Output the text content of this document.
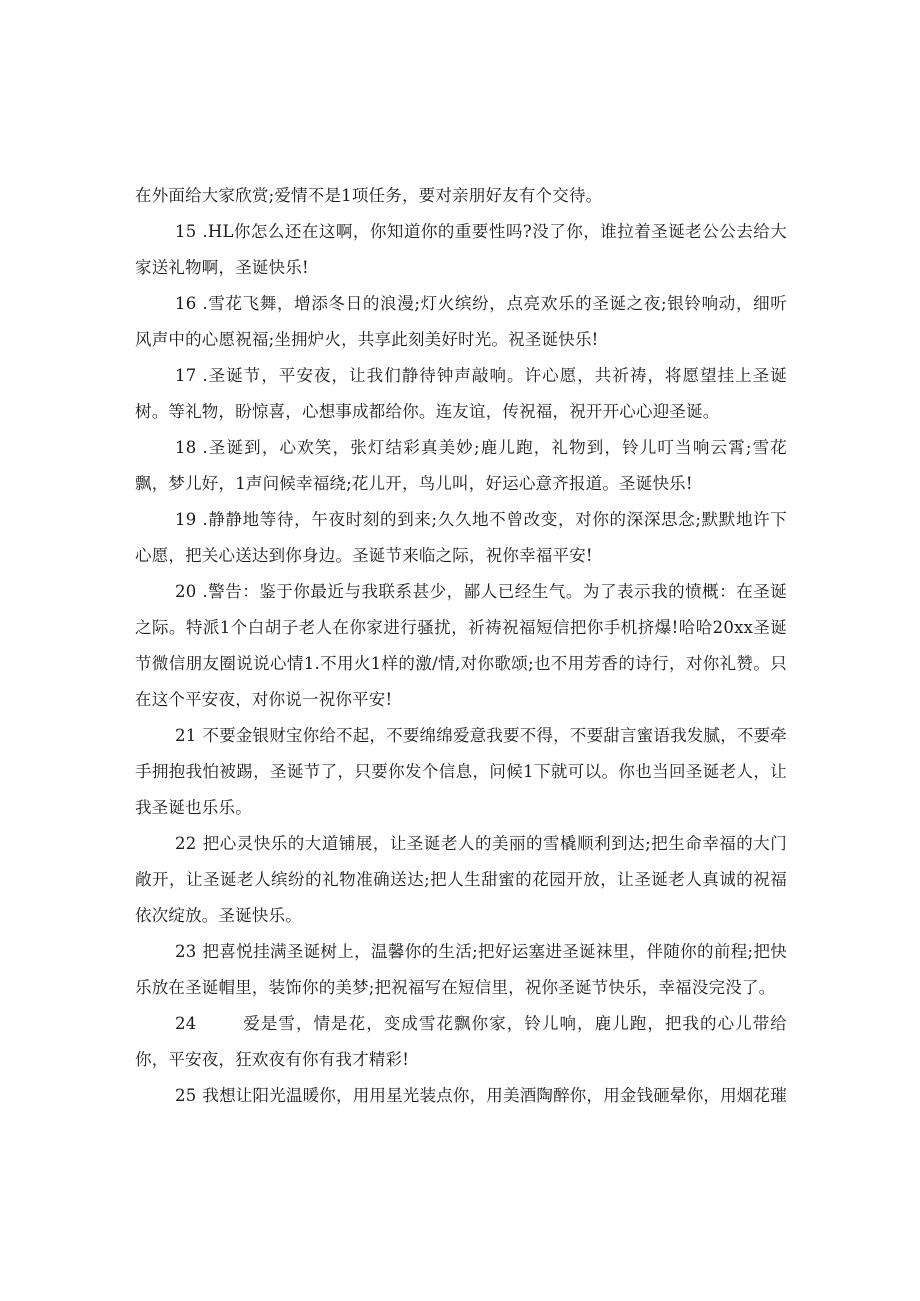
在外面给大家欣赏;爱情不是1项任务，要对亲朋好友有个交待。

15 .HL你怎么还在这啊，你知道你的重要性吗?没了你，谁拉着圣诞老公公去给大家送礼物啊，圣诞快乐!

16 .雪花飞舞，增添冬日的浪漫;灯火缤纷，点亮欢乐的圣诞之夜;银铃响动，细听风声中的心愿祝福;坐拥炉火，共享此刻美好时光。祝圣诞快乐!

17 .圣诞节，平安夜，让我们静待钟声敲响。许心愿，共祈祷，将愿望挂上圣诞树。等礼物，盼惊喜，心想事成都给你。连友谊，传祝福，祝开开心心迎圣诞。

18 .圣诞到，心欢笑，张灯结彩真美妙;鹿儿跑，礼物到，铃儿叮当响云霄;雪花飘，梦儿好，1声问候幸福绕;花儿开，鸟儿叫，好运心意齐报道。圣诞快乐!

19 .静静地等待，午夜时刻的到来;久久地不曾改变，对你的深深思念;默默地许下心愿，把关心送达到你身边。圣诞节来临之际，祝你幸福平安!

20 .警告：鉴于你最近与我联系甚少，鄙人已经生气。为了表示我的愤概：在圣诞之际。特派1个白胡子老人在你家进行骚扰，祈祷祝福短信把你手机挤爆!哈哈20xx圣诞节微信朋友圈说说心情1.不用火1样的激/情,对你歌颂;也不用芳香的诗行，对你礼赞。只在这个平安夜，对你说一祝你平安!

21 不要金银财宝你给不起，不要绵绵爱意我要不得，不要甜言蜜语我发腻，不要牵手拥抱我怕被踢，圣诞节了，只要你发个信息，问候1下就可以。你也当回圣诞老人，让我圣诞也乐乐。

22 把心灵快乐的大道铺展，让圣诞老人的美丽的雪橇顺利到达;把生命幸福的大门敞开，让圣诞老人缤纷的礼物准确送达;把人生甜蜜的花园开放，让圣诞老人真诚的祝福依次绽放。圣诞快乐。

23 把喜悦挂满圣诞树上，温馨你的生活;把好运塞进圣诞袜里，伴随你的前程;把快乐放在圣诞帽里，装饰你的美梦;把祝福写在短信里，祝你圣诞节快乐，幸福没完没了。

24	爱是雪，情是花，变成雪花飘你家，铃儿响，鹿儿跑，把我的心儿带给你，平安夜，狂欢夜有你有我才精彩!

25 我想让阳光温暖你，用用星光装点你，用美酒陶醉你，用金钱砸晕你，用烟花璀
